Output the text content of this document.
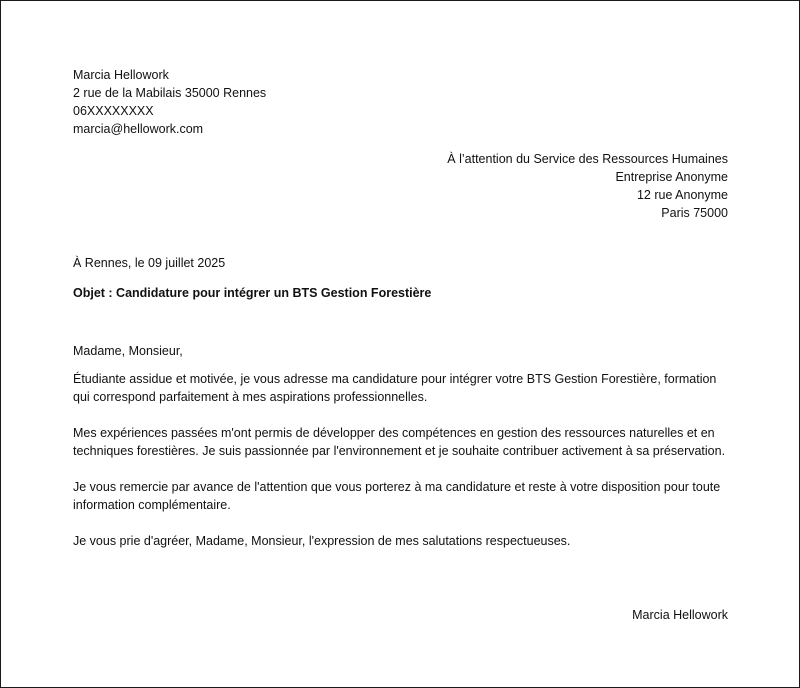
Marcia Hellowork
2 rue de la Mabilais 35000 Rennes
06XXXXXXXX
marcia@hellowork.com
À l’attention du Service des Ressources Humaines
Entreprise Anonyme
12 rue Anonyme
Paris 75000
À Rennes, le 09 juillet 2025
Objet : Candidature pour intégrer un BTS Gestion Forestière

Madame, Monsieur,

Étudiante assidue et motivée, je vous adresse ma candidature pour intégrer votre BTS Gestion Forestière, formation qui correspond parfaitement à mes aspirations professionnelles.

Mes expériences passées m'ont permis de développer des compétences en gestion des ressources naturelles et en techniques forestières. Je suis passionnée par l'environnement et je souhaite contribuer activement à sa préservation.

Je vous remercie par avance de l'attention que vous porterez à ma candidature et reste à votre disposition pour toute information complémentaire.

Je vous prie d'agréer, Madame, Monsieur, l'expression de mes salutations respectueuses.

Marcia Hellowork
